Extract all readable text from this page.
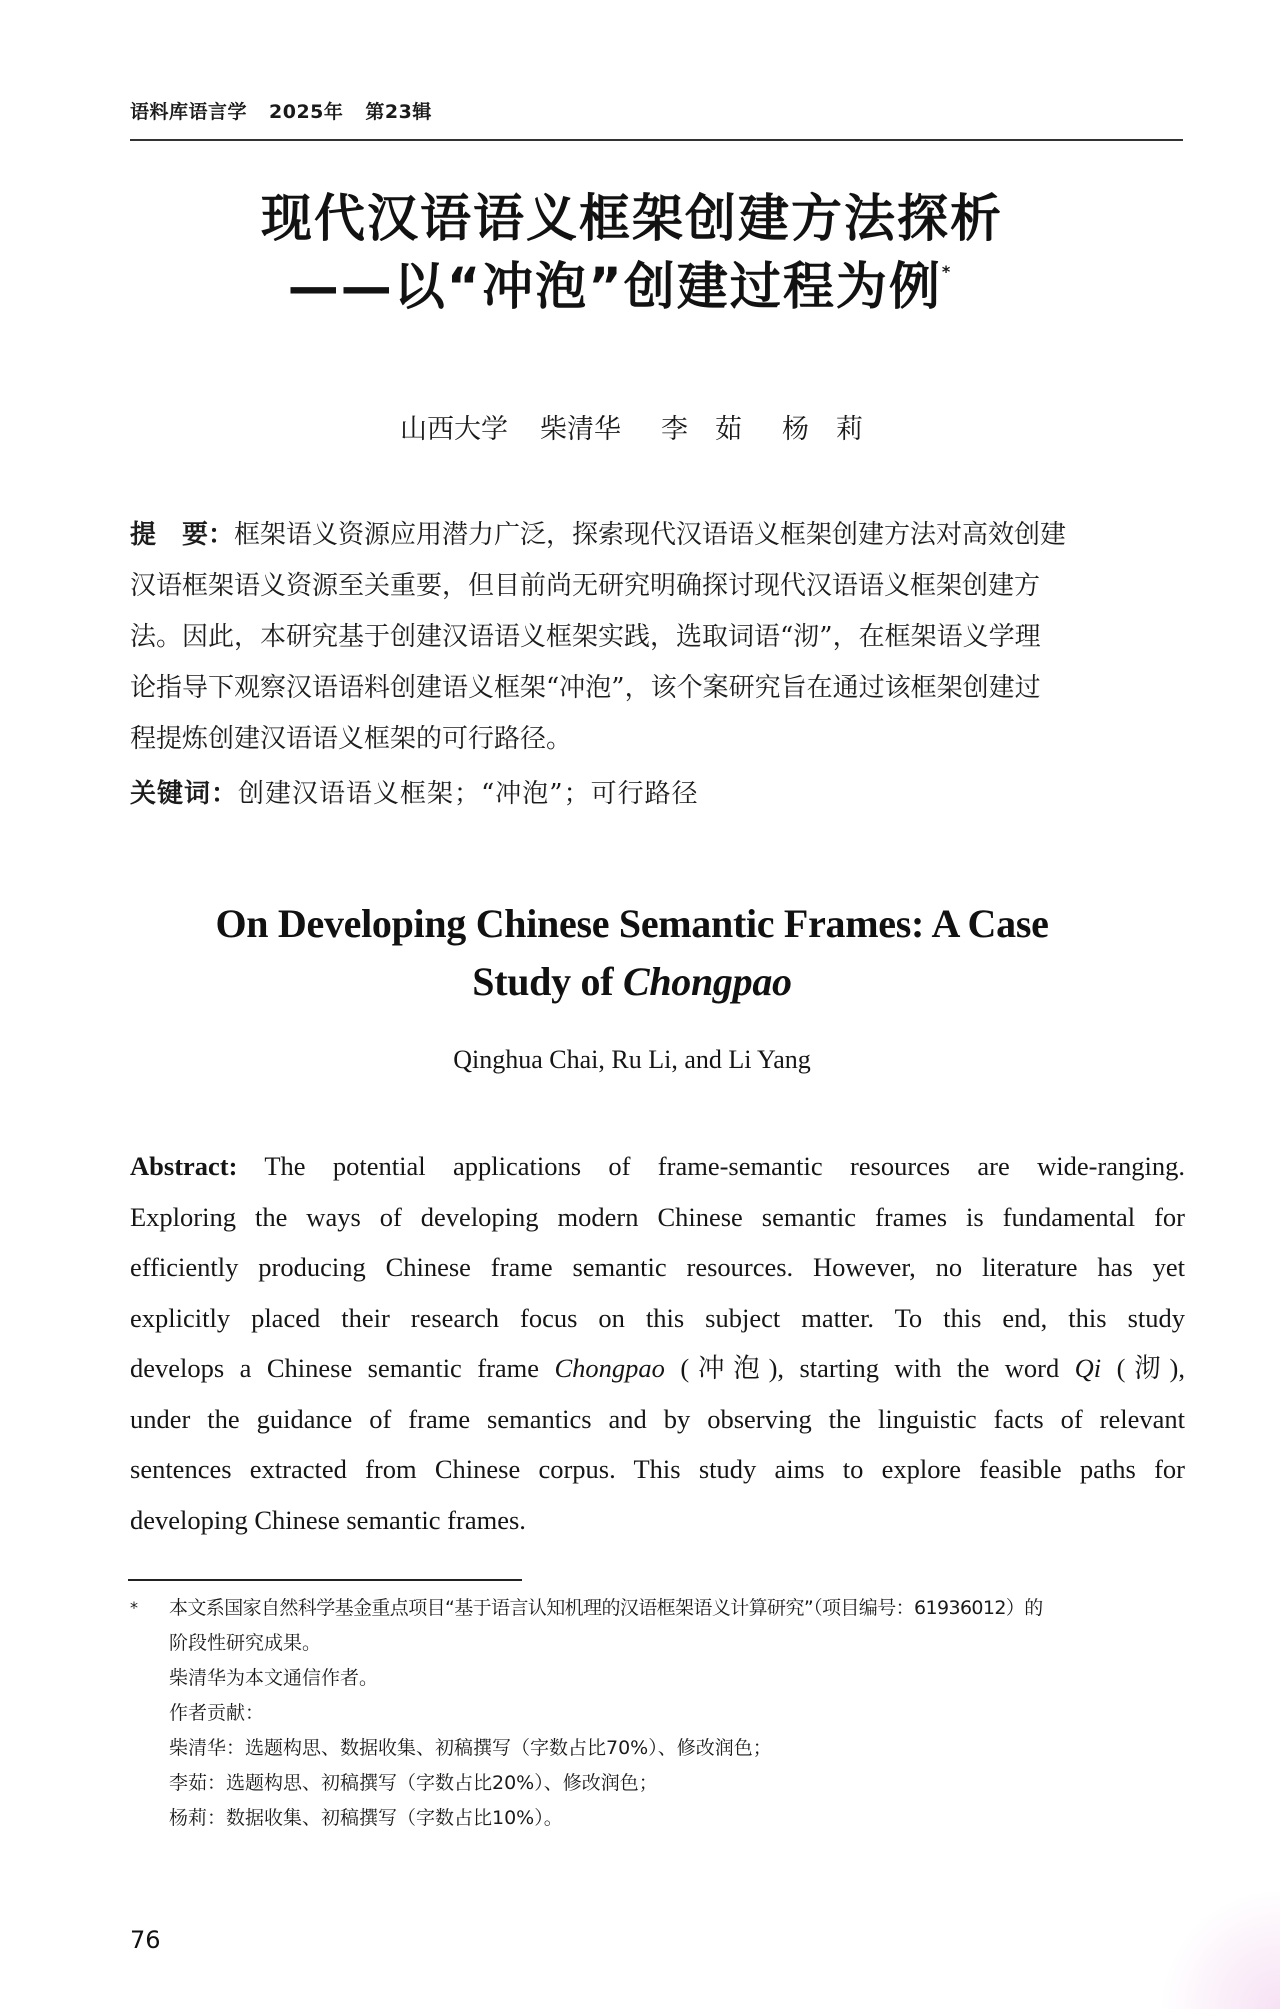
语料库语言学 2025年 第23辑
现代汉语语义框架创建方法探析
——以“冲泡”创建过程为例*
山西大学 柴清华 李　茹 杨　莉
提　要：框架语义资源应用潜力广泛，探索现代汉语语义框架创建方法对高效创建
汉语框架语义资源至关重要，但目前尚无研究明确探讨现代汉语语义框架创建方
法。因此，本研究基于创建汉语语义框架实践，选取词语“沏”，在框架语义学理
论指导下观察汉语语料创建语义框架“冲泡”，该个案研究旨在通过该框架创建过
程提炼创建汉语语义框架的可行路径。
关键词：创建汉语语义框架；“冲泡”；可行路径
On Developing Chinese Semantic Frames: A Case
Study of Chongpao
Qinghua Chai, Ru Li, and Li Yang
Abstract: The potential applications of frame-semantic resources are wide-ranging.
Exploring the ways of developing modern Chinese semantic frames is fundamental for
efficiently producing Chinese frame semantic resources. However, no literature has yet
explicitly placed their research focus on this subject matter. To this end, this study
develops a Chinese semantic frame Chongpao (冲泡), starting with the word Qi (沏),
under the guidance of frame semantics and by observing the linguistic facts of relevant
sentences extracted from Chinese corpus. This study aims to explore feasible paths for
developing Chinese semantic frames.
* 本文系国家自然科学基金重点项目“基于语言认知机理的汉语框架语义计算研究”（项目编号：61936012）的
阶段性研究成果。
柴清华为本文通信作者。
作者贡献：
柴清华：选题构思、数据收集、初稿撰写（字数占比70%）、修改润色；
李茹：选题构思、初稿撰写（字数占比20%）、修改润色；
杨莉：数据收集、初稿撰写（字数占比10%）。
76
